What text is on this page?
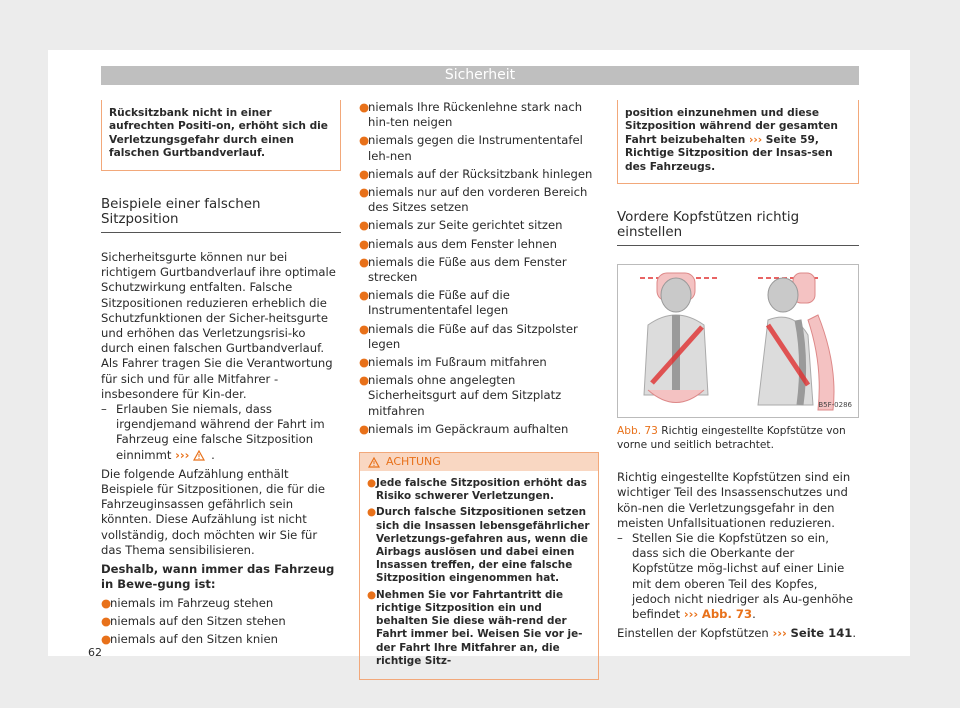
Sicherheit

Rücksitzbank nicht in einer aufrechten Positi-on, erhöht sich die Verletzungsgefahr durch einen falschen Gurtbandverlauf.

Beispiele einer falschen Sitzposition

Sicherheitsgurte können nur bei richtigem Gurtbandverlauf ihre optimale Schutzwirkung entfalten. Falsche Sitzpositionen reduzieren erheblich die Schutzfunktionen der Sicher-heitsgurte und erhöhen das Verletzungsrisi-ko durch einen falschen Gurtbandverlauf. Als Fahrer tragen Sie die Verantwortung für sich und für alle Mitfahrer - insbesondere für Kin-der.

– Erlauben Sie niemals, dass irgendjemand während der Fahrt im Fahrzeug eine falsche Sitzposition einnimmt ››› .

Die folgende Aufzählung enthält Beispiele für Sitzpositionen, die für die Fahrzeuginsassen gefährlich sein könnten. Diese Aufzählung ist nicht vollständig, doch möchten wir Sie für das Thema sensibilisieren.

Deshalb, wann immer das Fahrzeug in Bewe-gung ist:

●
niemals im Fahrzeug stehen
●
niemals auf den Sitzen stehen
●
niemals auf den Sitzen knien
●
niemals Ihre Rückenlehne stark nach hin-ten neigen
●
niemals gegen die Instrumententafel leh-nen
●
niemals auf der Rücksitzbank hinlegen
●
niemals nur auf den vorderen Bereich des Sitzes setzen
●
niemals zur Seite gerichtet sitzen
●
niemals aus dem Fenster lehnen
●
niemals die Füße aus dem Fenster strecken
●
niemals die Füße auf die Instrumententafel legen
●
niemals die Füße auf das Sitzpolster legen
●
niemals im Fußraum mitfahren
●
niemals ohne angelegten Sicherheitsgurt auf dem Sitzplatz mitfahren
●
niemals im Gepäckraum aufhalten
ACHTUNG
● Jede falsche Sitzposition erhöht das Risiko schwerer Verletzungen.
● Durch falsche Sitzpositionen setzen sich die Insassen lebensgefährlicher Verletzungs-gefahren aus, wenn die Airbags auslösen und dabei einen Insassen treffen, der eine falsche Sitzposition eingenommen hat.
● Nehmen Sie vor Fahrtantritt die richtige Sitzposition ein und behalten Sie diese wäh-rend der Fahrt immer bei. Weisen Sie vor je-der Fahrt Ihre Mitfahrer an, die richtige Sitz-

position einzunehmen und diese Sitzposition während der gesamten Fahrt beizubehalten ››› Seite 59, Richtige Sitzposition der Insas-sen des Fahrzeugs.

Vordere Kopfstützen richtig einstellen
B5F-0286

Abb. 73 Richtig eingestellte Kopfstütze von vorne und seitlich betrachtet.

Richtig eingestellte Kopfstützen sind ein wichtiger Teil des Insassenschutzes und kön-nen die Verletzungsgefahr in den meisten Unfallsituationen reduzieren.

– Stellen Sie die Kopfstützen so ein, dass sich die Oberkante der Kopfstütze mög-lichst auf einer Linie mit dem oberen Teil des Kopfes, jedoch nicht niedriger als Au-genhöhe befindet ››› Abb. 73.

Einstellen der Kopfstützen ››› Seite 141.

62
